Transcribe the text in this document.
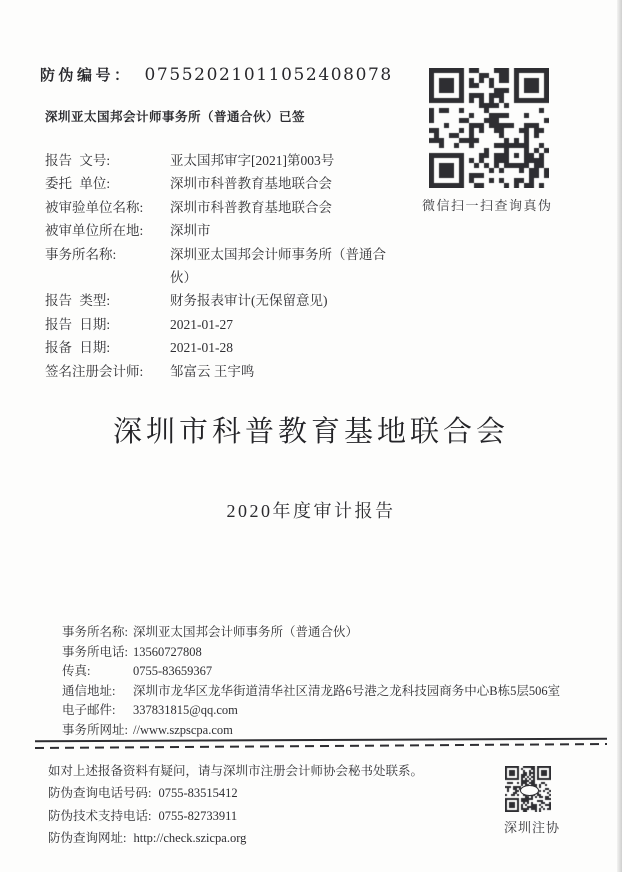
防伪编号： 07552021011052408078
深圳亚太国邦会计师事务所（普通合伙）已签
报告 文号:	亚太国邦审字[2021]第003号
委托 单位:	深圳市科普教育基地联合会
被审验单位名称:	深圳市科普教育基地联合会
被审单位所在地:	深圳市
事务所名称:	深圳亚太国邦会计师事务所（普通合伙）
报告 类型:	财务报表审计(无保留意见)
报告 日期:	2021-01-27
报备 日期:	2021-01-28
签名注册会计师:	邹富云 王宇鸣
微信扫一扫查询真伪
深圳市科普教育基地联合会
2020年度审计报告
事务所名称: 深圳亚太国邦会计师事务所（普通合伙）
事务所电话: 13560727808
传真:	0755-83659367
通信地址:	深圳市龙华区龙华街道清华社区清龙路6号港之龙科技园商务中心B栋5层506室
电子邮件:	337831815@qq.com
事务所网址: //www.szpscpa.com
如对上述报备资料有疑问，请与深圳市注册会计师协会秘书处联系。
防伪查询电话号码: 0755-83515412
防伪技术支持电话: 0755-82733911
防伪查询网址: http://check.szicpa.org
深圳注协
